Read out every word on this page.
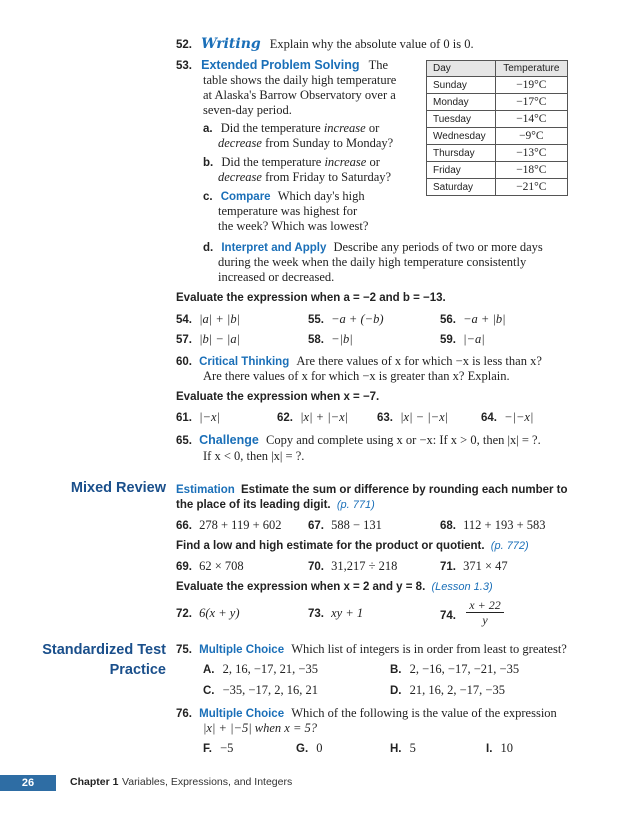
52. Writing Explain why the absolute value of 0 is 0.
53. Extended Problem Solving The
table shows the daily high temperature
at Alaska's Barrow Observatory over a
seven-day period.
a. Did the temperature increase or
decrease from Sunday to Monday?
b. Did the temperature increase or
decrease from Friday to Saturday?
c. Compare Which day's high
temperature was highest for
the week? Which was lowest?
d. Interpret and Apply Describe any periods of two or more days
during the week when the daily high temperature consistently
increased or decreased.
Day	Temperature
Sunday	−19°C
Monday	−17°C
Tuesday	−14°C
Wednesday	−9°C
Thursday	−13°C
Friday	−18°C
Saturday	−21°C
Evaluate the expression when a = −2 and b = −13.
54. |a| + |b|	55. −a + (−b)	56. −a + |b|
57. |b| − |a|	58. −|b|	59. |−a|
60. Critical Thinking Are there values of x for which −x is less than x?
Are there values of x for which −x is greater than x? Explain.
Evaluate the expression when x = −7.
61. |−x|	62. |x| + |−x|	63. |x| − |−x|	64. −|−x|
65. Challenge Copy and complete using x or −x: If x > 0, then |x| = ?.
If x < 0, then |x| = ?.
Mixed Review Estimation Estimate the sum or difference by rounding each number to
the place of its leading digit. (p. 771)
66. 278 + 119 + 602 67. 588 − 131	68. 112 + 193 + 583
Find a low and high estimate for the product or quotient. (p. 772)
69. 62 × 708	70. 31,217 ÷ 218	71. 371 × 47
Evaluate the expression when x = 2 and y = 8. (Lesson 1.3)
72. 6(x + y)	73. xy + 1	74. $\frac{x + 22}{y}$
Standardized Test
Practice
75. Multiple Choice Which list of integers is in order from least to greatest?
A. 2, 16, −17, 21, −35	B. 2, −16, −17, −21, −35
C. −35, −17, 2, 16, 21	D. 21, 16, 2, −17, −35
76. Multiple Choice Which of the following is the value of the expression
|x| + |−5| when x = 5?
F. −5	G. 0	H. 5	I. 10
26	Chapter 1 Variables, Expressions, and Integers
